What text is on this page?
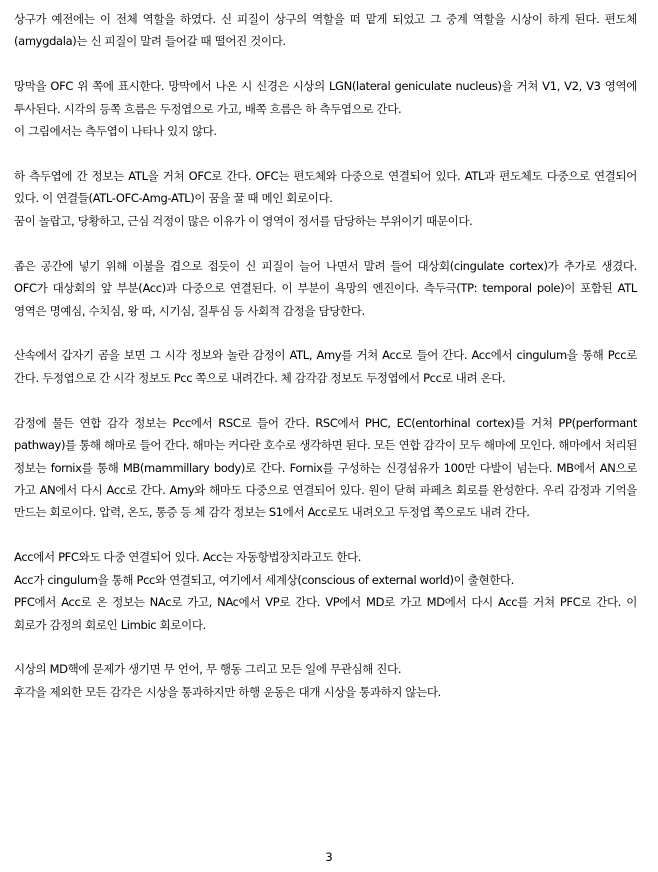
상구가 예전에는 이 전체 역할을 하였다. 신 피질이 상구의 역할을 떠 맡게 되었고 그 중계 역할을 시상이 하게 된다. 편도체(amygdala)는 신 피질이 말려 들어갈 때 떨어진 것이다.

망막을 OFC 위 쪽에 표시한다. 망막에서 나온 시 신경은 시상의 LGN(lateral geniculate nucleus)을 거쳐 V1, V2, V3 영역에 투사된다. 시각의 등쪽 흐름은 두정엽으로 가고, 배쪽 흐름은 하 측두엽으로 간다.
이 그림에서는 측두엽이 나타나 있지 않다.

하 측두엽에 간 정보는 ATL을 거쳐 OFC로 간다. OFC는 편도체와 다중으로 연결되어 있다. ATL과 편도체도 다중으로 연결되어 있다. 이 연결들(ATL-OFC-Amg-ATL)이 꿈을 꿀 때 메인 회로이다.
꿈이 놀랍고, 당황하고, 근심 걱정이 많은 이유가 이 영역이 정서를 담당하는 부위이기 때문이다.

좁은 공간에 넣기 위해 이불을 겹으로 접듯이 신 피질이 늘어 나면서 말려 들어 대상회(cingulate cortex)가 추가로 생겼다. OFC가 대상회의 앞 부분(Acc)과 다중으로 연결된다. 이 부분이 욕망의 엔진이다. 측두극(TP: temporal pole)이 포함된 ATL 영역은 명예심, 수치심, 왕 따, 시기심, 질투심 등 사회적 감정을 담당한다.

산속에서 갑자기 곰을 보면 그 시각 정보와 놀란 감정이 ATL, Amy를 거쳐 Acc로 들어 간다. Acc에서 cingulum을 통해 Pcc로 간다. 두정엽으로 간 시각 정보도 Pcc 쪽으로 내려간다. 체 감각감 정보도 두정엽에서 Pcc로 내려 온다.

감정에 물든 연합 감각 정보는 Pcc에서 RSC로 들어 간다. RSC에서 PHC, EC(entorhinal cortex)를 거쳐 PP(performant pathway)를 통해 해마로 들어 간다. 해마는 커다란 호수로 생각하면 된다. 모든 연합 감각이 모두 해마에 모인다. 해마에서 처리된 정보는 fornix를 통해 MB(mammillary body)로 간다. Fornix를 구성하는 신경섬유가 100만 다발이 넘는다. MB에서 AN으로 가고 AN에서 다시 Acc로 간다. Amy와 해마도 다중으로 연결되어 있다. 원이 닫혀 파페츠 회로를 완성한다. 우리 감정과 기억을 만드는 회로이다. 압력, 온도, 통증 등 체 감각 정보는 S1에서 Acc로도 내려오고 두정엽 쪽으로도 내려 간다.

Acc에서 PFC와도 다중 연결되어 있다. Acc는 자동항법장치라고도 한다.
Acc가 cingulum을 통해 Pcc와 연결되고, 여기에서 세계상(conscious of external world)이 출현한다.
PFC에서 Acc로 온 정보는 NAc로 가고, NAc에서 VP로 간다. VP에서 MD로 가고 MD에서 다시 Acc를 거쳐 PFC로 간다. 이 회로가 감정의 회로인 Limbic 회로이다.

시상의 MD핵에 문제가 생기면 무 언어, 무 행동 그리고 모든 일에 무관심해 진다.
후각을 제외한 모든 감각은 시상을 통과하지만 하행 운동은 대개 시상을 통과하지 않는다.

3
